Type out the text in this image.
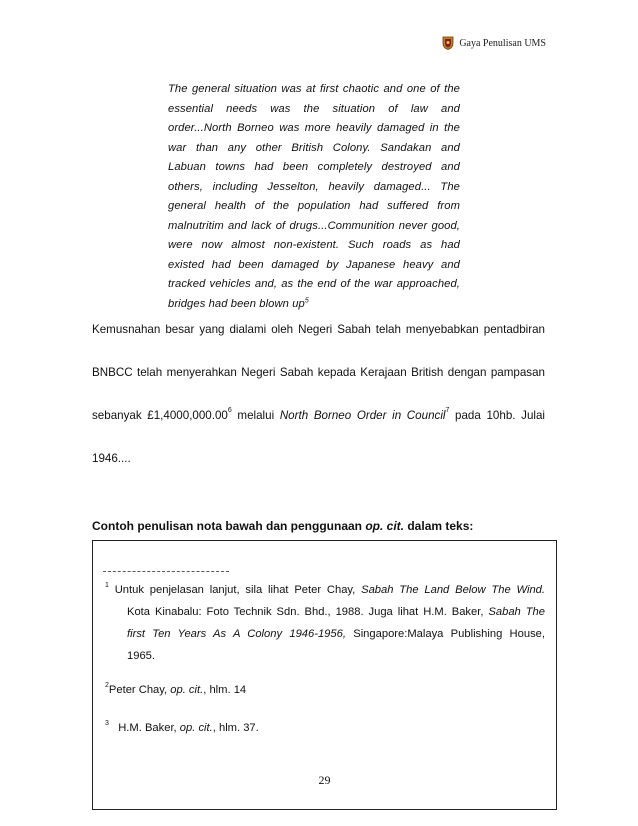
Gaya Penulisan UMS
The general situation was at first chaotic and one of the
essential needs was the situation of law and
order...North Borneo was more heavily damaged in the
war than any other British Colony. Sandakan and
Labuan towns had been completely destroyed and
others, including Jesselton, heavily damaged... The
general health of the population had suffered from
malnutritim and lack of drugs...Communition never good,
were now almost non-existent. Such roads as had
existed had been damaged by Japanese heavy and
tracked vehicles and, as the end of the war approached,
bridges had been blown $up^5$
Kemusnahan besar yang dialami oleh Negeri Sabah telah menyebabkan pentadbiran
BNBCC telah menyerahkan Negeri Sabah kepada Kerajaan British dengan pampasan
sebanyak £1,4000,000.00$^6$ melalui North Borneo Order in Council$^7$ pada 10hb. Julai
1946....
Contoh penulisan nota bawah dan penggunaan op. cit. dalam teks:
$^1$ Untuk penjelasan lanjut, sila lihat Peter Chay, Sabah The Land Below The Wind.
Kota Kinabalu: Foto Technik Sdn. Bhd., 1988. Juga lihat H.M. Baker, Sabah The
first Ten Years As A Colony 1946-1956, Singapore:Malaya Publishing House,
1965.
$^2$Peter Chay, op. cit., hlm. 14
$^3$   H.M. Baker, op. cit., hlm. 37.
29
